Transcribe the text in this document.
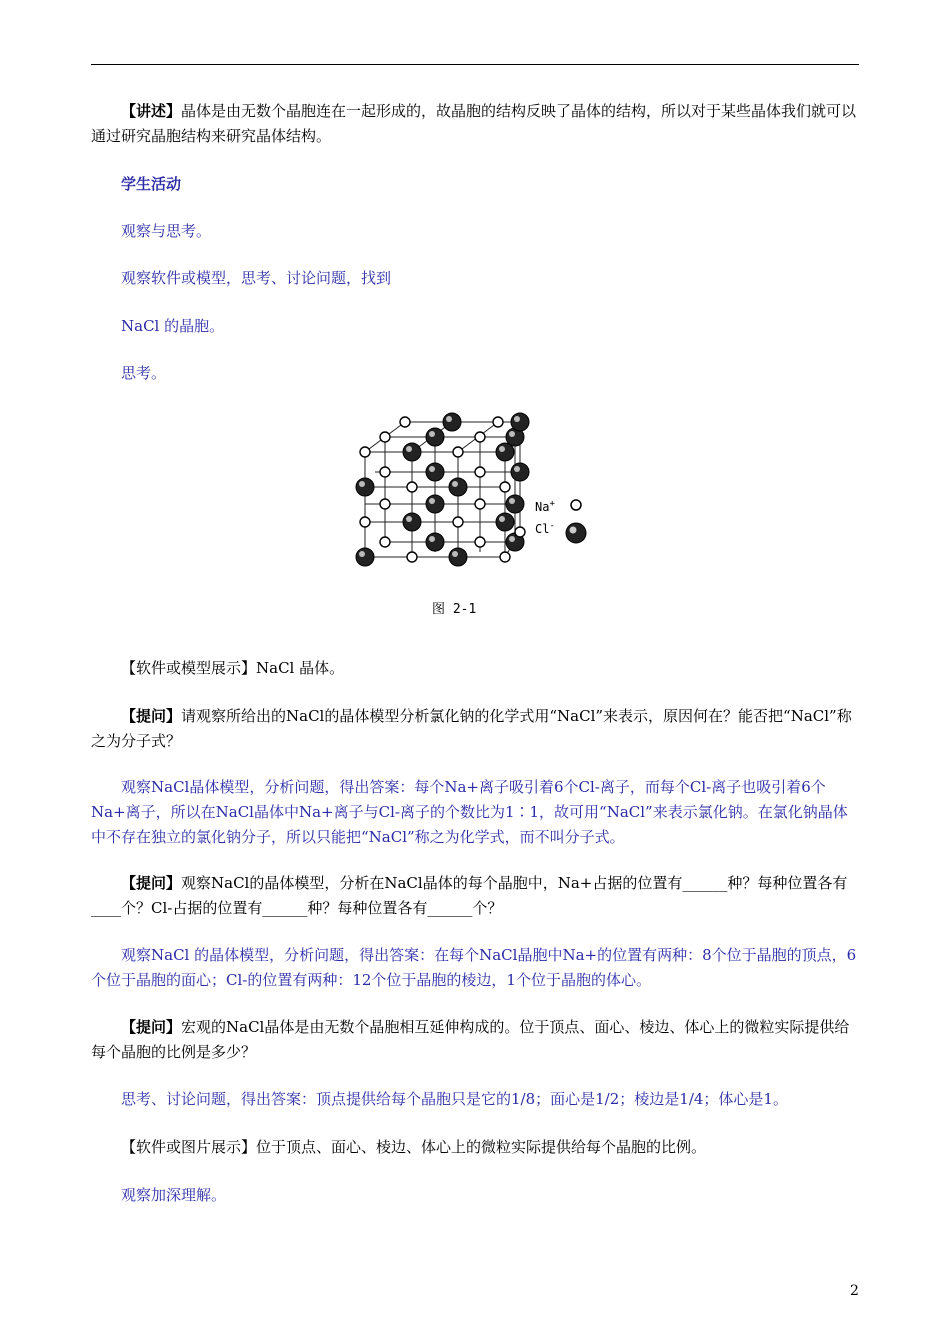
【讲述】晶体是由无数个晶胞连在一起形成的，故晶胞的结构反映了晶体的结构，所以对于某些晶体我们就可以通过研究晶胞结构来研究晶体结构。

学生活动

观察与思考。

观察软件或模型，思考、讨论问题，找到

NaCl 的晶胞。

思考。

Na+
Cl-
图 2-1

【软件或模型展示】NaCl 晶体。

【提问】请观察所给出的NaCl的晶体模型分析氯化钠的化学式用“NaCl”来表示，原因何在？能否把“NaCl”称之为分子式？

观察NaCl晶体模型，分析问题，得出答案：每个Na+离子吸引着6个Cl-离子，而每个Cl-离子也吸引着6个Na+离子，所以在NaCl晶体中Na+离子与Cl-离子的个数比为1∶1，故可用“NaCl”来表示氯化钠。在氯化钠晶体中不存在独立的氯化钠分子，所以只能把“NaCl”称之为化学式，而不叫分子式。

【提问】观察NaCl的晶体模型，分析在NaCl晶体的每个晶胞中，Na+占据的位置有______种？每种位置各有____个？Cl-占据的位置有______种？每种位置各有______个？

观察NaCl 的晶体模型，分析问题，得出答案：在每个NaCl晶胞中Na+的位置有两种：8个位于晶胞的顶点，6个位于晶胞的面心；Cl-的位置有两种：12个位于晶胞的棱边，1个位于晶胞的体心。

【提问】宏观的NaCl晶体是由无数个晶胞相互延伸构成的。位于顶点、面心、棱边、体心上的微粒实际提供给每个晶胞的比例是多少？

思考、讨论问题，得出答案：顶点提供给每个晶胞只是它的1/8；面心是1/2；棱边是1/4；体心是1。

【软件或图片展示】位于顶点、面心、棱边、体心上的微粒实际提供给每个晶胞的比例。

观察加深理解。

2
